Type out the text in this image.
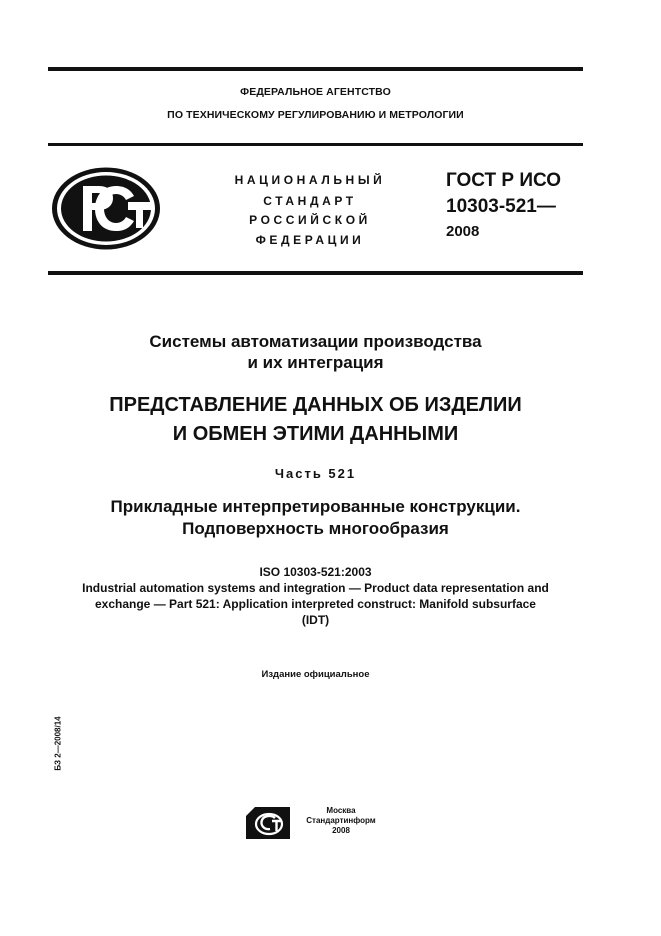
ФЕДЕРАЛЬНОЕ АГЕНТСТВО
ПО ТЕХНИЧЕСКОМУ РЕГУЛИРОВАНИЮ И МЕТРОЛОГИИ
НАЦИОНАЛЬНЫЙ
СТАНДАРТ
РОССИЙСКОЙ
ФЕДЕРАЦИИ
ГОСТ Р ИСО
10303-521—
2008
Системы автоматизации производства
и их интеграция
ПРЕДСТАВЛЕНИЕ ДАННЫХ ОБ ИЗДЕЛИИ
И ОБМЕН ЭТИМИ ДАННЫМИ
Часть 521
Прикладные интерпретированные конструкции.
Подповерхность многообразия
ISO 10303-521:2003
Industrial automation systems and integration — Product data representation and
exchange — Part 521: Application interpreted construct: Manifold subsurface
(IDT)
Издание официальное
БЗ 2—2008/14
Москва
Стандартинформ
2008
